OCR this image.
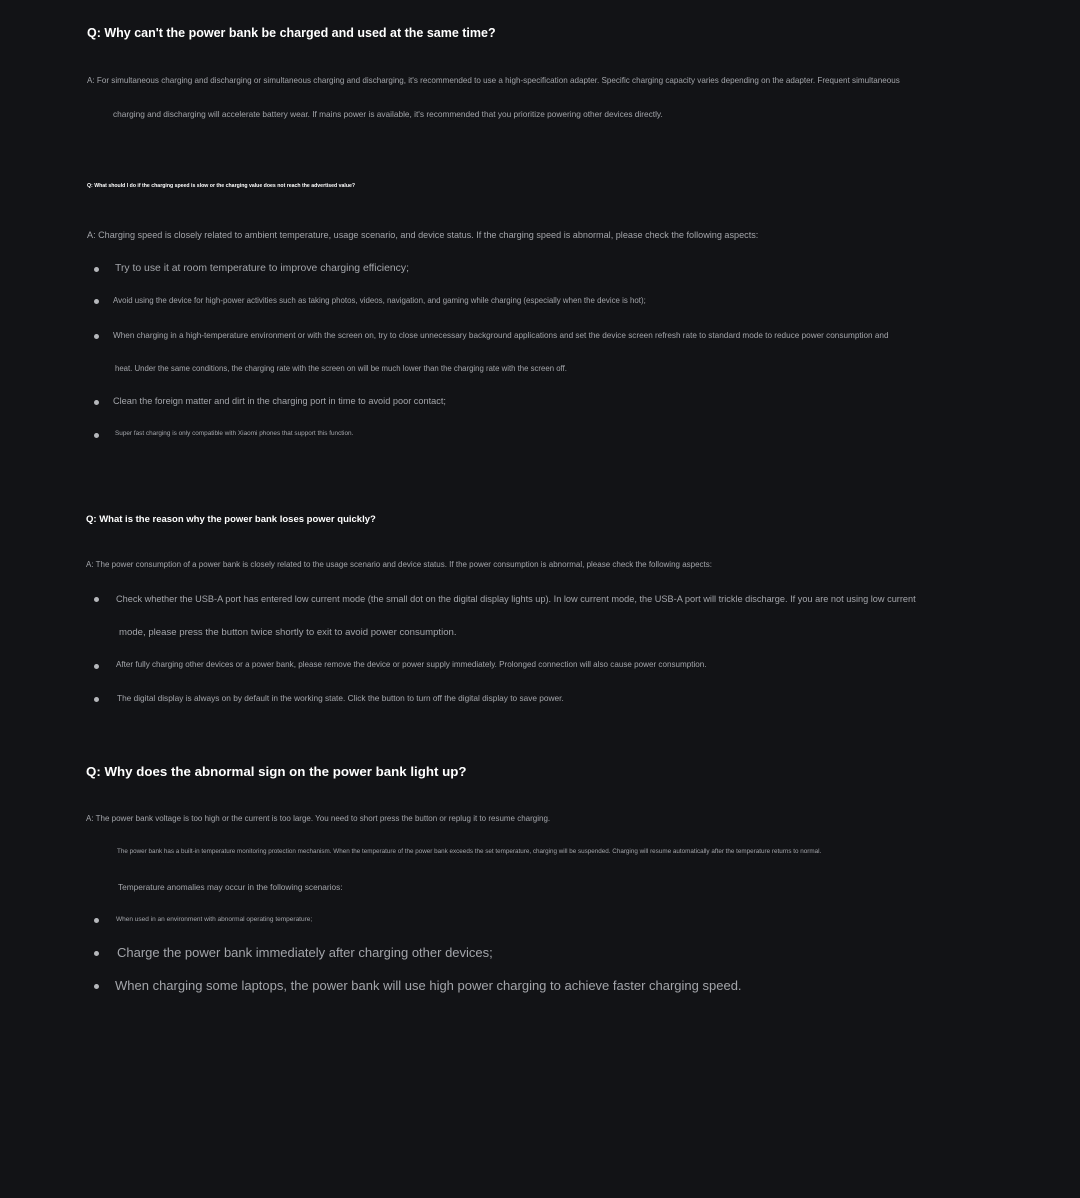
Q: Why can't the power bank be charged and used at the same time?
A: For simultaneous charging and discharging or simultaneous charging and discharging, it's recommended to use a high-specification adapter. Specific charging capacity varies depending on the adapter. Frequent simultaneous
charging and discharging will accelerate battery wear. If mains power is available, it's recommended that you prioritize powering other devices directly.
Q: What should I do if the charging speed is slow or the charging value does not reach the advertised value?
A: Charging speed is closely related to ambient temperature, usage scenario, and device status. If the charging speed is abnormal, please check the following aspects:
Try to use it at room temperature to improve charging efficiency;
Avoid using the device for high-power activities such as taking photos, videos, navigation, and gaming while charging (especially when the device is hot);
When charging in a high-temperature environment or with the screen on, try to close unnecessary background applications and set the device screen refresh rate to standard mode to reduce power consumption and
heat. Under the same conditions, the charging rate with the screen on will be much lower than the charging rate with the screen off.
Clean the foreign matter and dirt in the charging port in time to avoid poor contact;
Super fast charging is only compatible with Xiaomi phones that support this function.
Q: What is the reason why the power bank loses power quickly?
A: The power consumption of a power bank is closely related to the usage scenario and device status. If the power consumption is abnormal, please check the following aspects:
Check whether the USB-A port has entered low current mode (the small dot on the digital display lights up). In low current mode, the USB-A port will trickle discharge. If you are not using low current
mode, please press the button twice shortly to exit to avoid power consumption.
After fully charging other devices or a power bank, please remove the device or power supply immediately. Prolonged connection will also cause power consumption.
The digital display is always on by default in the working state. Click the button to turn off the digital display to save power.
Q: Why does the abnormal sign on the power bank light up?
A: The power bank voltage is too high or the current is too large. You need to short press the button or replug it to resume charging.
The power bank has a built-in temperature monitoring protection mechanism. When the temperature of the power bank exceeds the set temperature, charging will be suspended. Charging will resume automatically after the temperature returns to normal.
Temperature anomalies may occur in the following scenarios:
When used in an environment with abnormal operating temperature;
Charge the power bank immediately after charging other devices;
When charging some laptops, the power bank will use high power charging to achieve faster charging speed.
